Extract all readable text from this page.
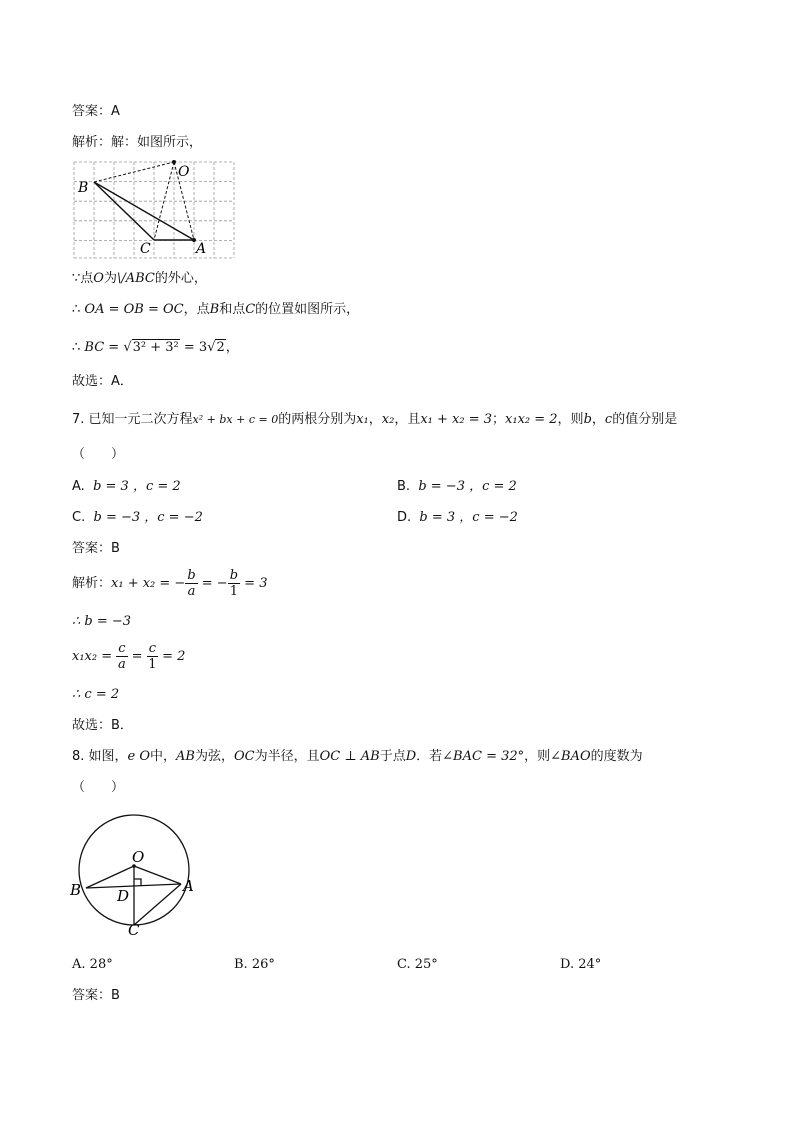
答案：A
解析：解：如图所示，
B
O
C	A
∵点O为\/ABC的外心，
∴ OA = OB = OC，点B和点C的位置如图所示，
∴ BC = √3² + 3² = 3√2，
故选：A．
7. 已知一元二次方程x² + bx + c = 0的两根分别为x₁，x₂，且x₁ + x₂ = 3；x₁x₂ = 2，则b，c的值分别是
（　　）
A. b = 3 ，c = 2	B. b = −3 ，c = 2
C. b = −3 ，c = −2	D. b = 3 ，c = −2
答案：B
解析：x₁ + x₂ = − $\frac{b}{a}$ = − $\frac{b}{1} = 3$
∴ b = −3
$x_1x_2 = \frac{c}{a} = \frac{c}{1} = 2$
∴ c = 2
故选：B．
8. 如图，e O中，AB为弦，OC为半径，且OC ⊥ AB于点D．若∠BAC = 32°，则∠BAO的度数为
（　　）
O
B D
A
C
A. 28°	B. 26°	C. 25°	D. 24°
答案：B
